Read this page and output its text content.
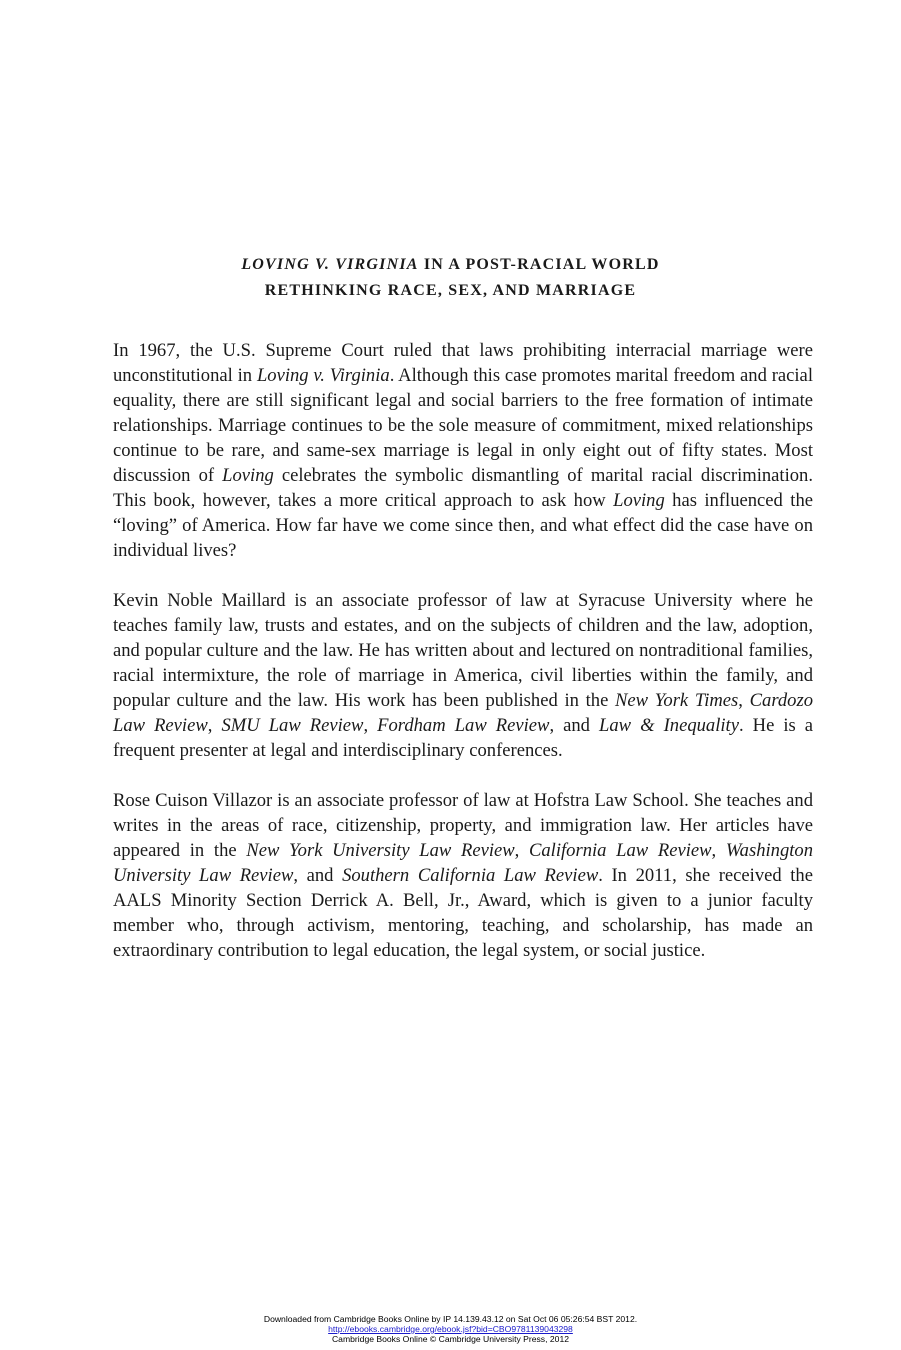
LOVING V. VIRGINIA IN A POST-RACIAL WORLD
RETHINKING RACE, SEX, AND MARRIAGE

In 1967, the U.S. Supreme Court ruled that laws prohibiting interracial marriage were unconstitutional in Loving v. Virginia. Although this case promotes marital freedom and racial equality, there are still significant legal and social barriers to the free formation of intimate relationships. Marriage continues to be the sole measure of commitment, mixed relationships continue to be rare, and same-sex marriage is legal in only eight out of fifty states. Most discussion of Loving celebrates the symbolic dismantling of marital racial discrimination. This book, however, takes a more critical approach to ask how Loving has influenced the “loving” of America. How far have we come since then, and what effect did the case have on individual lives?

Kevin Noble Maillard is an associate professor of law at Syracuse University where he teaches family law, trusts and estates, and on the subjects of children and the law, adoption, and popular culture and the law. He has written about and lectured on nontraditional families, racial intermixture, the role of marriage in America, civil liberties within the family, and popular culture and the law. His work has been published in the New York Times, Cardozo Law Review, SMU Law Review, Fordham Law Review, and Law & Inequality. He is a frequent presenter at legal and interdisciplinary conferences.

Rose Cuison Villazor is an associate professor of law at Hofstra Law School. She teaches and writes in the areas of race, citizenship, property, and immigration law. Her articles have appeared in the New York University Law Review, California Law Review, Washington University Law Review, and Southern California Law Review. In 2011, she received the AALS Minority Section Derrick A. Bell, Jr., Award, which is given to a junior faculty member who, through activism, mentoring, teaching, and scholarship, has made an extraordinary contribution to legal education, the legal system, or social justice.

Downloaded from Cambridge Books Online by IP 14.139.43.12 on Sat Oct 06 05:26:54 BST 2012.
http://ebooks.cambridge.org/ebook.jsf?bid=CBO9781139043298
Cambridge Books Online © Cambridge University Press, 2012
